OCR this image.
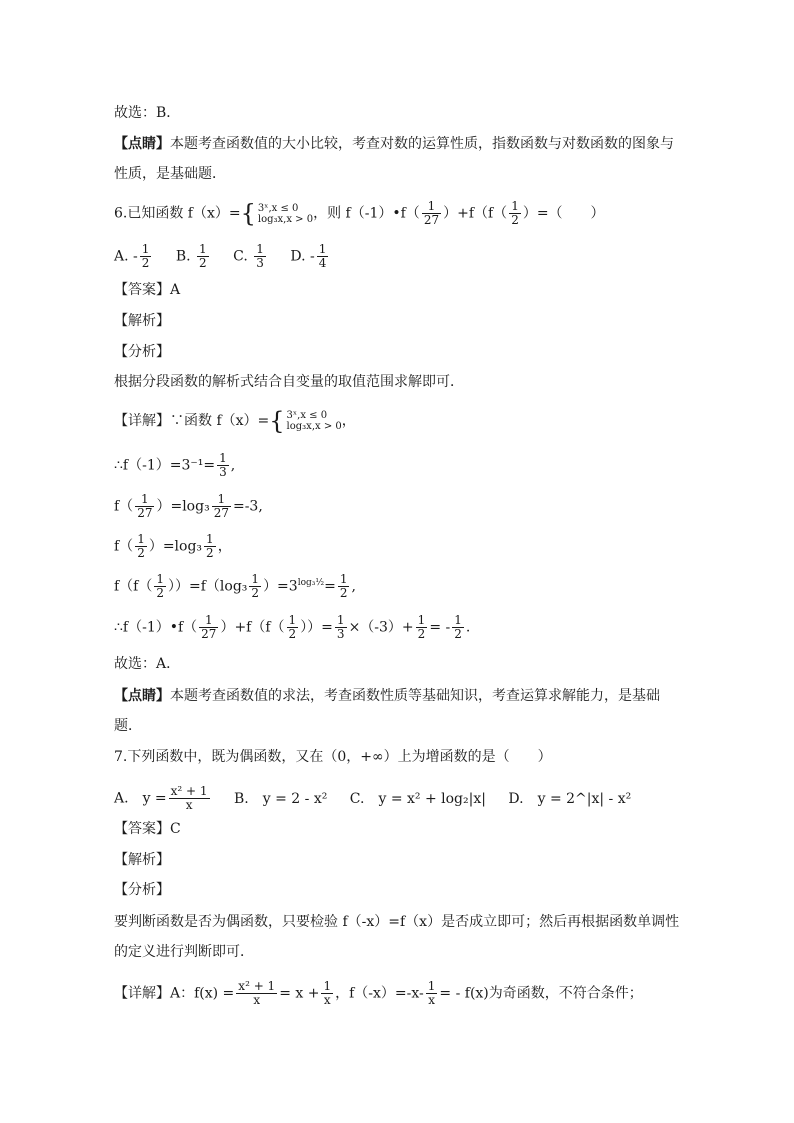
故选：B．
【点睛】本题考查函数值的大小比较，考查对数的运算性质，指数函数与对数函数的图象与
性质，是基础题．
6.已知函数 f（x）={ 3ˣ,x ≤ 0
log₃x,x > 0 ，则 f（-1）•f（ $\frac{1}{27} )+f(f( \frac{1}{2}$ ）=（　　）
A. - $\frac{1}{2} B$. $\frac{1}{2} C$. $\frac{1}{3} D$. - $\frac{1}{4}$
【答案】A
【解析】
【分析】
根据分段函数的解析式结合自变量的取值范围求解即可．
【详解】∵函数 f（x）={ 3ˣ,x ≤ 0
log₃x,x > 0 ，
∴f（-1）=3⁻¹= $\frac{1}{3}$ ,
$f( \frac{1}{27} )=\log_3 \frac{1}{27} =-3$,
$f( \frac{1}{2} )=\log_3 \frac{1}{2}$ ，
$f(f( \frac{1}{2} ))=f(\log_3 \frac{1}{2} )=3^{log_3\frac{1}{2}}= \frac{1}{2}$ ,
∴f（-1）•f（ $\frac{1}{27} )+f(f( \frac{1}{2}$ ））= $\frac{1}{3} \times(-3)+ \frac{1}{2}$ = - $\frac{1}{2}$ .
故选：A．
【点睛】本题考查函数值的求法，考查函数性质等基础知识，考查运算求解能力，是基础
题．
7.下列函数中，既为偶函数，又在（0，+∞）上为增函数的是（　　）
A.　 $y = \frac{\text{x² + 1}}{x} B$.　y = 2 - x² C.　y = x² + log₂|x| D.　y = 2^|x| - x²
【答案】C
【解析】
【分析】
要判断函数是否为偶函数，只要检验 f（-x）=f（x）是否成立即可；然后再根据函数单调性
的定义进行判断即可．
【详解】A：$f(x) = \frac{\text{x² + 1}}{x} = x + \frac{1}{x}$ ，$f(-x)=-x- \frac{1}{x}$ = - f(x)为奇函数，不符合条件；
